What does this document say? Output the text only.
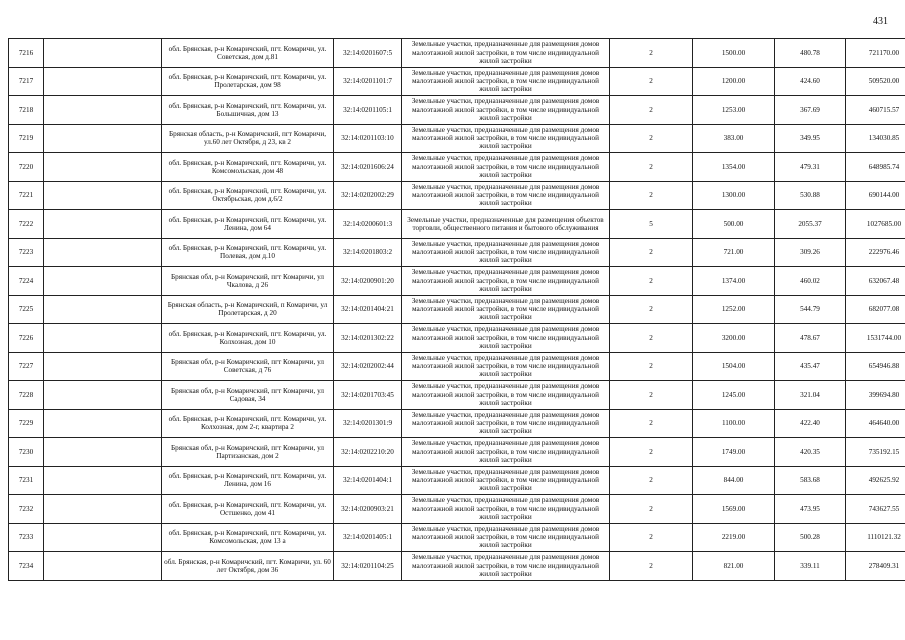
431
7216		обл. Брянская, р-н Комаричский, пгт. Комаричи, ул. Советская, дом д.81	32:14:0201607:5	Земельные участки, предназначенные для размещения домов малоэтажной жилой застройки, в том числе индивидуальной жилой застройки	2	1500.00	480.78	721170.00
7217		обл. Брянская, р-н Комаричский, пгт. Комаричи, ул. Пролетарская, дом 98	32:14:0201101:7	Земельные участки, предназначенные для размещения домов малоэтажной жилой застройки, в том числе индивидуальной жилой застройки	2	1200.00	424.60	509520.00
7218		обл. Брянская, р-н Комаричский, пгт. Комаричи, ул. Большичная, дом 13	32:14:0201105:1	Земельные участки, предназначенные для размещения домов малоэтажной жилой застройки, в том числе индивидуальной жилой застройки	2	1253.00	367.69	460715.57
7219		Брянская область, р-н Комаричский, пгт Комаричи, ул.60 лет Октября, д 23, кв 2	32:14:0201103:10	Земельные участки, предназначенные для размещения домов малоэтажной жилой застройки, в том числе индивидуальной жилой застройки	2	383.00	349.95	134030.85
7220		обл. Брянская, р-н Комаричский, пгт. Комаричи, ул. Комсомольская, дом 48	32:14:0201606:24	Земельные участки, предназначенные для размещения домов малоэтажной жилой застройки, в том числе индивидуальной жилой застройки	2	1354.00	479.31	648985.74
7221		обл. Брянская, р-н Комаричский, пгт. Комаричи, ул. Октябрьская, дом д.6/2	32:14:0202002:29	Земельные участки, предназначенные для размещения домов малоэтажной жилой застройки, в том числе индивидуальной жилой застройки	2	1300.00	530.88	690144.00
7222		обл. Брянская, р-н Комаричский, пгт. Комаричи, ул. Ленина, дом 64	32:14:0200601:3	Земельные участки, предназначенные для размещения объектов торговли, общественного питания и бытового обслуживания	5	500.00	2055.37	1027685.00
7223		обл. Брянская, р-н Комаричский, пгт. Комаричи, ул. Полевая, дом д.10	32:14:0201803:2	Земельные участки, предназначенные для размещения домов малоэтажной жилой застройки, в том числе индивидуальной жилой застройки	2	721.00	309.26	222976.46
7224		Брянская обл, р-н Комаричский, пгт Комаричи, ул Чкалова, д 26	32:14:0200901:20	Земельные участки, предназначенные для размещения домов малоэтажной жилой застройки, в том числе индивидуальной жилой застройки	2	1374.00	460.02	632067.48
7225		Брянская область, р-н Комаричский, п Комаричи, ул Пролетарская, д 20	32:14:0201404:21	Земельные участки, предназначенные для размещения домов малоэтажной жилой застройки, в том числе индивидуальной жилой застройки	2	1252.00	544.79	682077.08
7226		обл. Брянская, р-н Комаричский, пгт. Комаричи, ул. Колхозная, дом 10	32:14:0201302:22	Земельные участки, предназначенные для размещения домов малоэтажной жилой застройки, в том числе индивидуальной жилой застройки	2	3200.00	478.67	1531744.00
7227		Брянская обл, р-н Комаричский, пгт Комаричи, ул Советская, д 76	32:14:0202002:44	Земельные участки, предназначенные для размещения домов малоэтажной жилой застройки, в том числе индивидуальной жилой застройки	2	1504.00	435.47	654946.88
7228		Брянская обл, р-н Комаричский, пгт Комаричи, ул Садовая, 34	32:14:0201703:45	Земельные участки, предназначенные для размещения домов малоэтажной жилой застройки, в том числе индивидуальной жилой застройки	2	1245.00	321.04	399694.80
7229		обл. Брянская, р-н Комаричский, пгт. Комаричи, ул. Колхозная, дом 2-г, квартира 2	32:14:0201301:9	Земельные участки, предназначенные для размещения домов малоэтажной жилой застройки, в том числе индивидуальной жилой застройки	2	1100.00	422.40	464640.00
7230		Брянская обл, р-н Комаричский, пгт Комаричи, ул Партизанская, дом 2	32:14:0202210:20	Земельные участки, предназначенные для размещения домов малоэтажной жилой застройки, в том числе индивидуальной жилой застройки	2	1749.00	420.35	735192.15
7231		обл. Брянская, р-н Комаричский, пгт. Комаричи, ул. Ленина, дом 16	32:14:0201404:1	Земельные участки, предназначенные для размещения домов малоэтажной жилой застройки, в том числе индивидуальной жилой застройки	2	844.00	583.68	492625.92
7232		обл. Брянская, р-н Комаричский, пгт. Комаричи, ул. Остшенко, дом 41	32:14:0200903:21	Земельные участки, предназначенные для размещения домов малоэтажной жилой застройки, в том числе индивидуальной жилой застройки	2	1569.00	473.95	743627.55
7233		обл. Брянская, р-н Комаричский, пгт. Комаричи, ул. Комсомольская, дом 13 а	32:14:0201405:1	Земельные участки, предназначенные для размещения домов малоэтажной жилой застройки, в том числе индивидуальной жилой застройки	2	2219.00	500.28	1110121.32
7234		обл. Брянская, р-н Комаричский, пгт. Комаричи, ул. 60 лет Октября, дом 36	32:14:0201104:25	Земельные участки, предназначенные для размещения домов малоэтажной жилой застройки, в том числе индивидуальной жилой застройки	2	821.00	339.11	278409.31
